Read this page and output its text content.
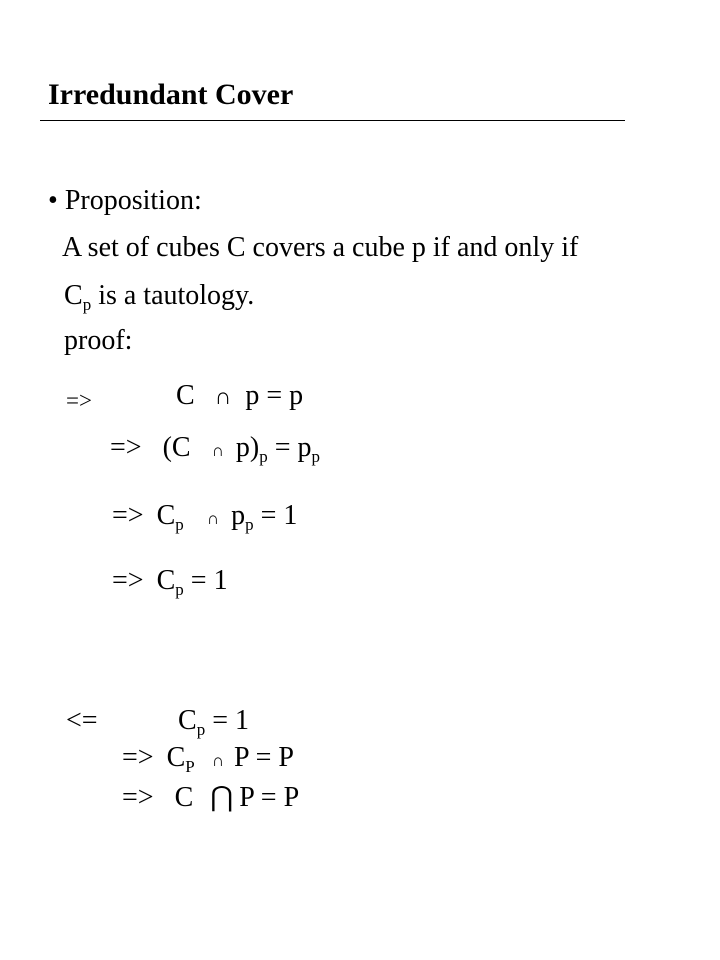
Irredundant Cover
• Proposition:
A set of cubes C covers a cube p if and only if
$C_p$ is a tautology.
proof:
=>	C ∩ p = p
=> (C ∩ $p)_p = p_p$
=> $C_p$ ∩ $p_p = 1$
=> $C_p = 1$
<=	$C_p = 1$
=> $C_P$ ∩ P = P
=> C ⋂ P = P
